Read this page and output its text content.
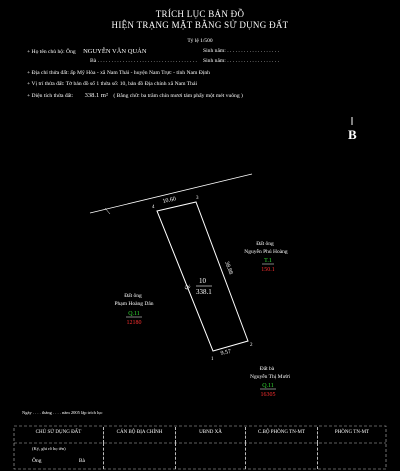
TRÍCH LỤC BẢN ĐỒ
HIỆN TRẠNG MẶT BẰNG SỬ DỤNG ĐẤT
Tỷ lệ 1/500
+ Họ tên chủ hộ: Ông NGUYỄN VĂN QUẢN	Sinh năm: . . . . . . . . . . . . . . . . . . .
Bà . . . . . . . . . . . . . . . . . . . . . . . . . . . . . . . . . . . . Sinh năm: . . . . . . . . . . . . . . . . . . .
+ Địa chỉ thửa đất: ấp Mỹ Hòa - xã Nam Thái - huyện Nam Trực - tỉnh Nam Định
+ Vị trí thửa đất: Tờ bản đồ số 1 thửa số: 10, bản đồ Địa chính xã Nam Thái
+ Diện tích thửa đất: 338.1 m² ( Bằng chữ: ba trăm chín mươi tám phẩy một mét vuông )
B
4
3
2
1
10.60
38.88
9.57
Q.
10
338.1
Đất ông
Nguyễn Phú Hoàng
T.1
150.1
Đất ông
Phạm Hoàng Dân
Q.11
12180
Đất bà
Nguyễn Thị Mười
Q.11
16305
Ngày . . . . tháng . . . . năm 2005 lập trích lục
CHỦ SỬ DỤNG ĐẤT	CÁN BỘ ĐỊA CHÍNH	UBND XÃ	C.BỘ PHÒNG TN-MT	PHÒNG TN-MT
(Ký, ghi rõ họ tên)
Ông	Bà
